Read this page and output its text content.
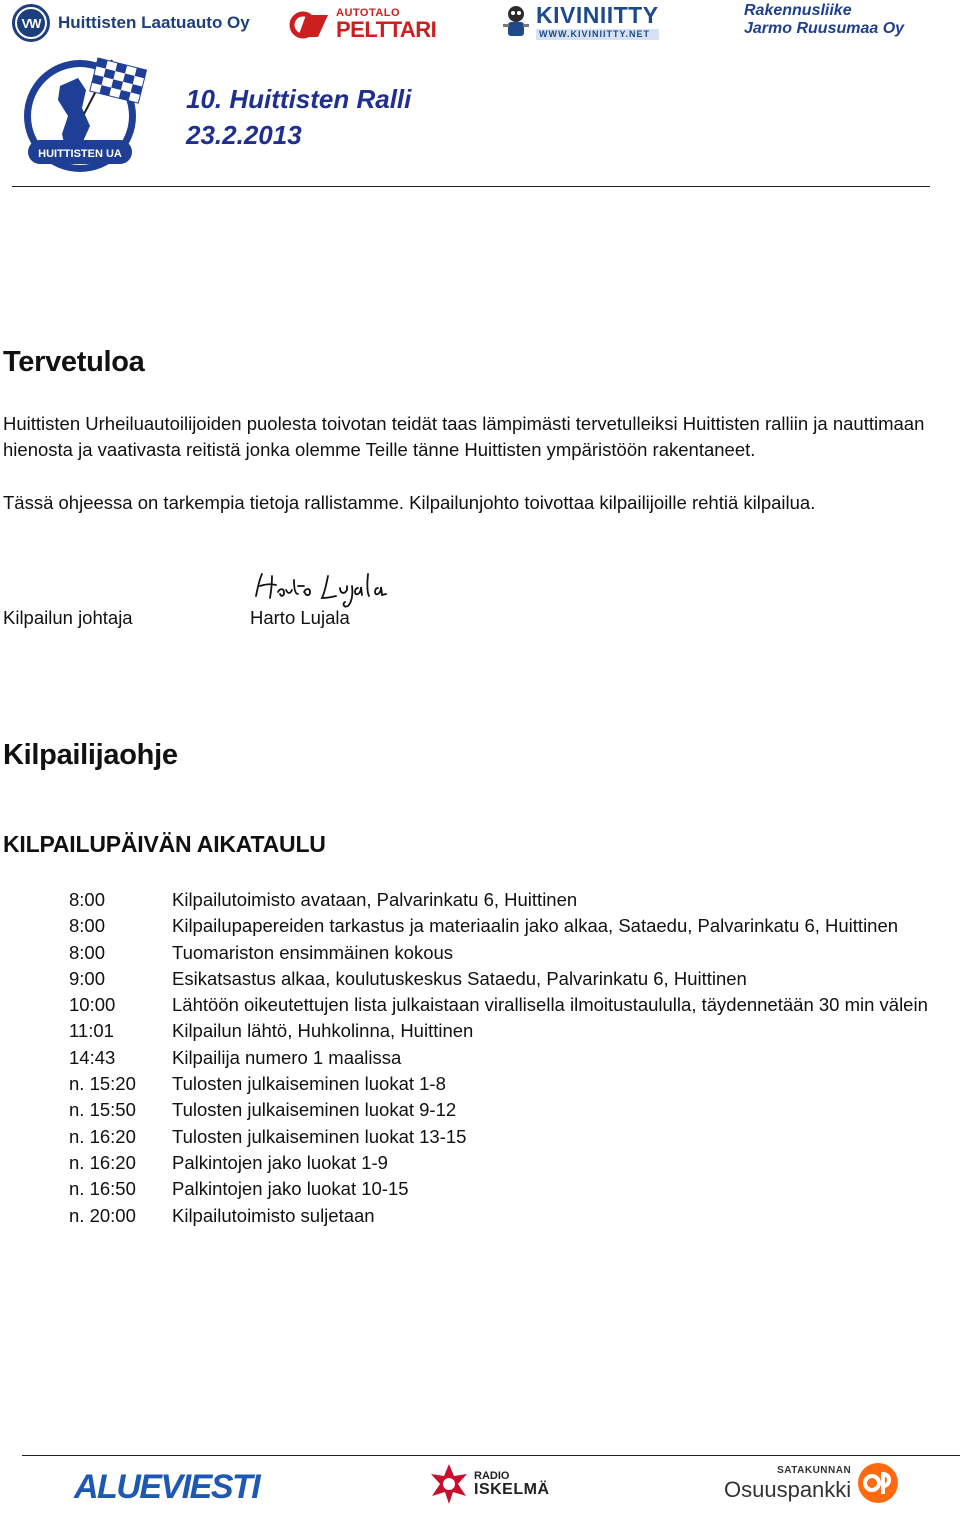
VW	Huittisten Laatuauto Oy	AUTOTALO
PELTTARI
KIVINIITTY
WWW.KIVINIITTY.NET
Rakennusliike
Jarmo Ruusumaa Oy
HUITTISTEN UA
10. Huittisten Ralli
23.2.2013
Tervetuloa

Huittisten Urheiluautoilijoiden puolesta toivotan teidät taas lämpimästi tervetulleiksi Huittisten ralliin ja nauttimaan hienosta ja vaativasta reitistä jonka olemme Teille tänne Huittisten ympäristöön rakentaneet.

Tässä ohjeessa on tarkempia tietoja rallistamme. Kilpailunjohto toivottaa kilpailijoille rehtiä kilpailua.

Kilpailun johtaja	Harto Lujala
Kilpailijaohje
KILPAILUPÄIVÄN AIKATAULU
8:00	Kilpailutoimisto avataan, Palvarinkatu 6, Huittinen
8:00	Kilpailupapereiden tarkastus ja materiaalin jako alkaa, Sataedu, Palvarinkatu 6, Huittinen
8:00	Tuomariston ensimmäinen kokous
9:00	Esikatsastus alkaa, koulutuskeskus Sataedu, Palvarinkatu 6, Huittinen
10:00	Lähtöön oikeutettujen lista julkaistaan virallisella ilmoitustaululla, täydennetään 30 min välein
11:01	Kilpailun lähtö, Huhkolinna, Huittinen
14:43	Kilpailija numero 1 maalissa
n. 15:20	Tulosten julkaiseminen luokat 1-8
n. 15:50	Tulosten julkaiseminen luokat 9-12
n. 16:20	Tulosten julkaiseminen luokat 13-15
n. 16:20	Palkintojen jako luokat 1-9
n. 16:50	Palkintojen jako luokat 10-15
n. 20:00	Kilpailutoimisto suljetaan
ALUEVIESTI	RADIO
ISKELMÄ
SATAKUNNAN
Osuuspankki
